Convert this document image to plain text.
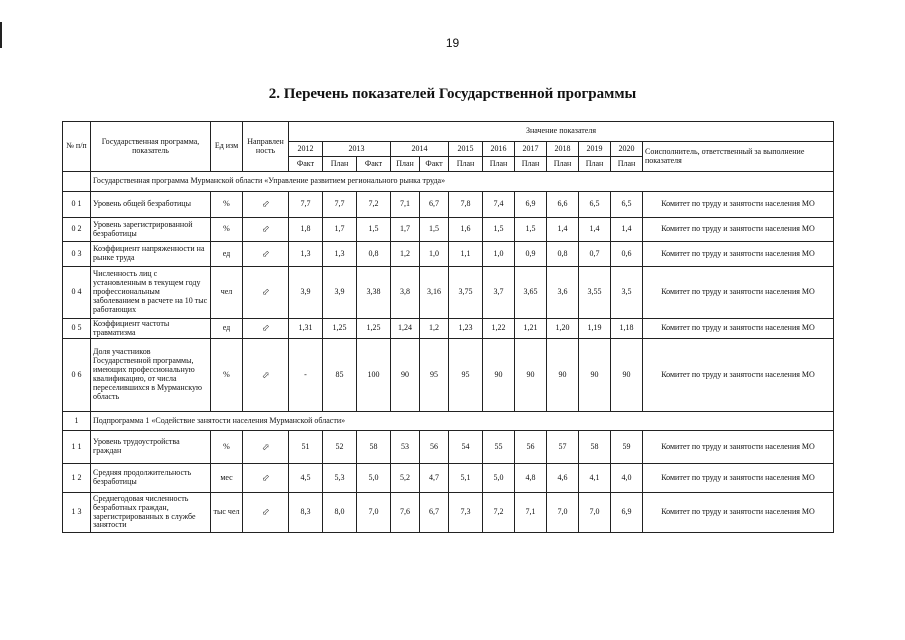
19
2. Перечень показателей Государственной программы
№ п/п	Государственная программа, показатель	Ед изм	Направлен ность	Значение показателя											
				2012	2013		2014		2015	2016	2017	2018	2019	2020	Соисполнитель, ответственный за выполнение показателя
				Факт	План	Факт	План	Факт	План	План	План	План	План	План	
	Государственная программа Мурманской области «Управление развитием регионального рынка труда»														
0 1	Уровень общей безработицы	%	⇨	7,7	7,7	7,2	7,1	6,7	7,8	7,4	6,9	6,6	6,5	6,5	Комитет по труду и занятости населения МО
0 2	Уровень зарегистрированной безработицы	%	⇨	1,8	1,7	1,5	1,7	1,5	1,6	1,5	1,5	1,4	1,4	1,4	Комитет по труду и занятости населения МО
0 3	Коэффициент напряженности на рынке труда	ед	⇨	1,3	1,3	0,8	1,2	1,0	1,1	1,0	0,9	0,8	0,7	0,6	Комитет по труду и занятости населения МО
0 4	Численность лиц с установленным в текущем году профессиональным заболеванием в расчете на 10 тыс работающих	чел	⇨	3,9	3,9	3,38	3,8	3,16	3,75	3,7	3,65	3,6	3,55	3,5	Комитет по труду и занятости населения МО
0 5	Коэффициент частоты травматизма	ед	⇨	1,31	1,25	1,25	1,24	1,2	1,23	1,22	1,21	1,20	1,19	1,18	Комитет по труду и занятости населения МО
0 6	Доля участников Государственной программы, имеющих профессиональную квалификацию, от числа переселившихся в Мурманскую область	%	⇨	-	85	100	90	95	95	90	90	90	90	90	Комитет по труду и занятости населения МО
1	Подпрограмма 1 «Содействие занятости населения Мурманской области»														
1 1	Уровень трудоустройства граждан	%	⇨	51	52	58	53	56	54	55	56	57	58	59	Комитет по труду и занятости населения МО
1 2	Средняя продолжительность безработицы	мес	⇨	4,5	5,3	5,0	5,2	4,7	5,1	5,0	4,8	4,6	4,1	4,0	Комитет по труду и занятости населения МО
1 3	Среднегодовая численность безработных граждан, зарегистрированных в службе занятости	тыс чел	⇨	8,3	8,0	7,0	7,6	6,7	7,3	7,2	7,1	7,0	7,0	6,9	Комитет по труду и занятости населения МО
